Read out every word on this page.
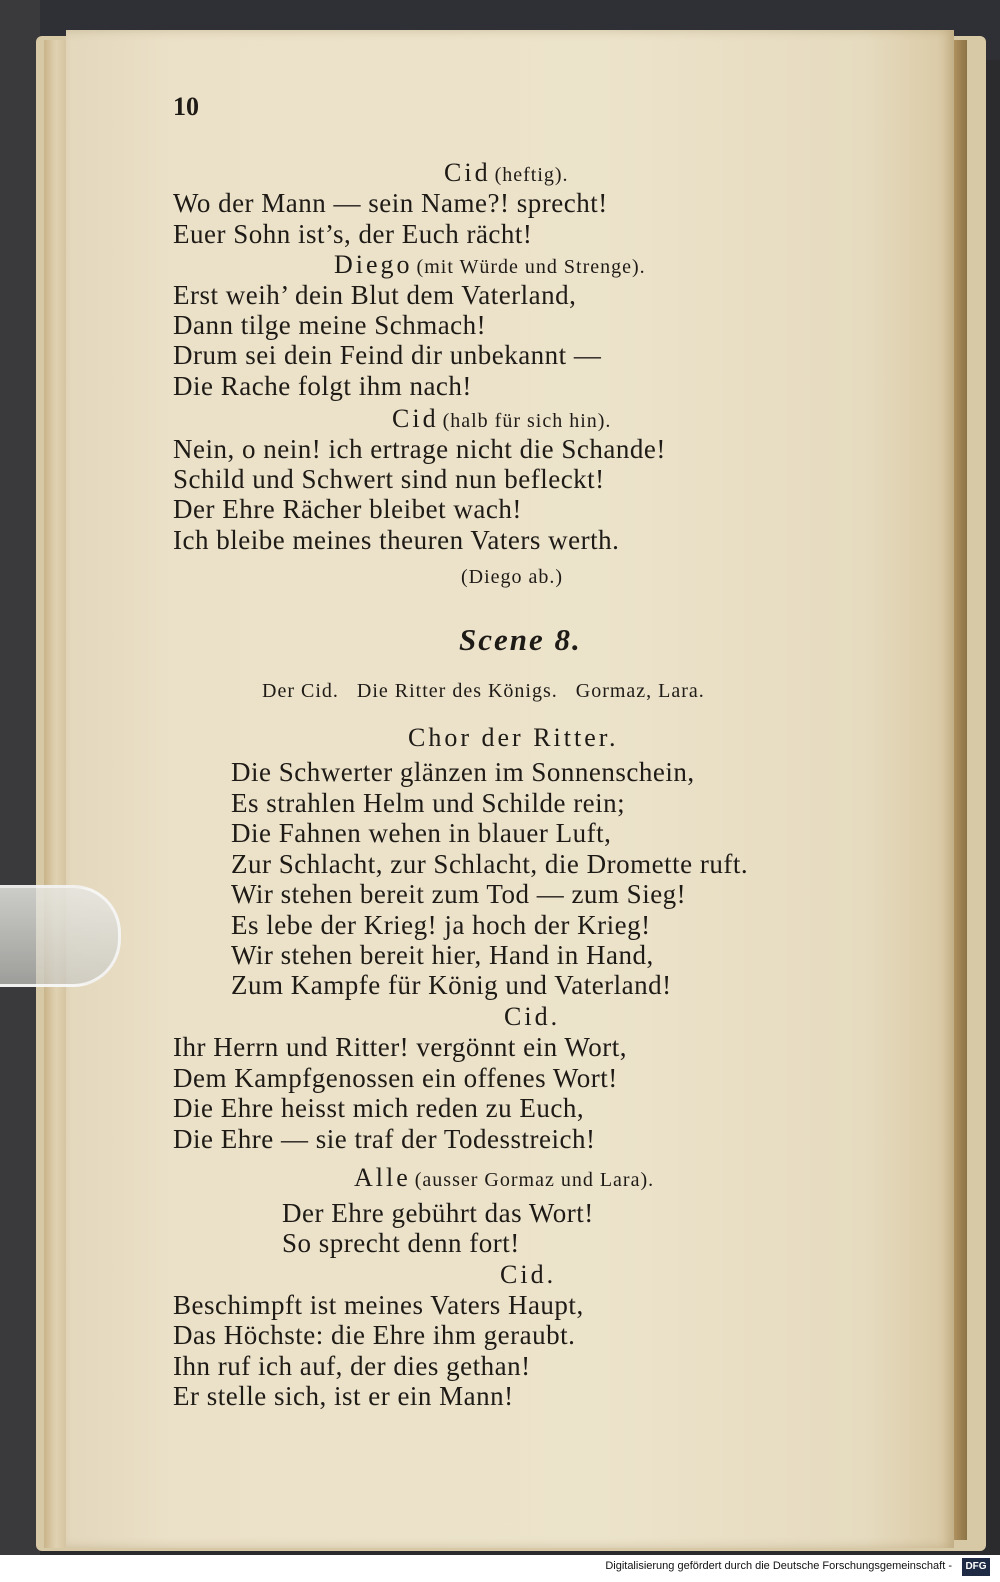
10
Cid (heftig).
Wo der Mann — sein Name?! sprecht!
Euer Sohn ist’s, der Euch rächt!
Diego (mit Würde und Strenge).
Erst weih’ dein Blut dem Vaterland,
Dann tilge meine Schmach!
Drum sei dein Feind dir unbekannt —
Die Rache folgt ihm nach!
Cid (halb für sich hin).
Nein, o nein! ich ertrage nicht die Schande!
Schild und Schwert sind nun befleckt!
Der Ehre Rächer bleibet wach!
Ich bleibe meines theuren Vaters werth.
(Diego ab.)
Scene 8.
Der Cid. Die Ritter des Königs. Gormaz, Lara.
Chor der Ritter.
Die Schwerter glänzen im Sonnenschein,
Es strahlen Helm und Schilde rein;
Die Fahnen wehen in blauer Luft,
Zur Schlacht, zur Schlacht, die Dromette ruft.
Wir stehen bereit zum Tod — zum Sieg!
Es lebe der Krieg! ja hoch der Krieg!
Wir stehen bereit hier, Hand in Hand,
Zum Kampfe für König und Vaterland!
Cid.
Ihr Herrn und Ritter! vergönnt ein Wort,
Dem Kampfgenossen ein offenes Wort!
Die Ehre heisst mich reden zu Euch,
Die Ehre — sie traf der Todesstreich!
Alle (ausser Gormaz und Lara).
Der Ehre gebührt das Wort!
So sprecht denn fort!
Cid.
Beschimpft ist meines Vaters Haupt,
Das Höchste: die Ehre ihm geraubt.
Ihn ruf ich auf, der dies gethan!
Er stelle sich, ist er ein Mann!
Digitalisierung gefördert durch die Deutsche Forschungsgemeinschaft -	DFG
